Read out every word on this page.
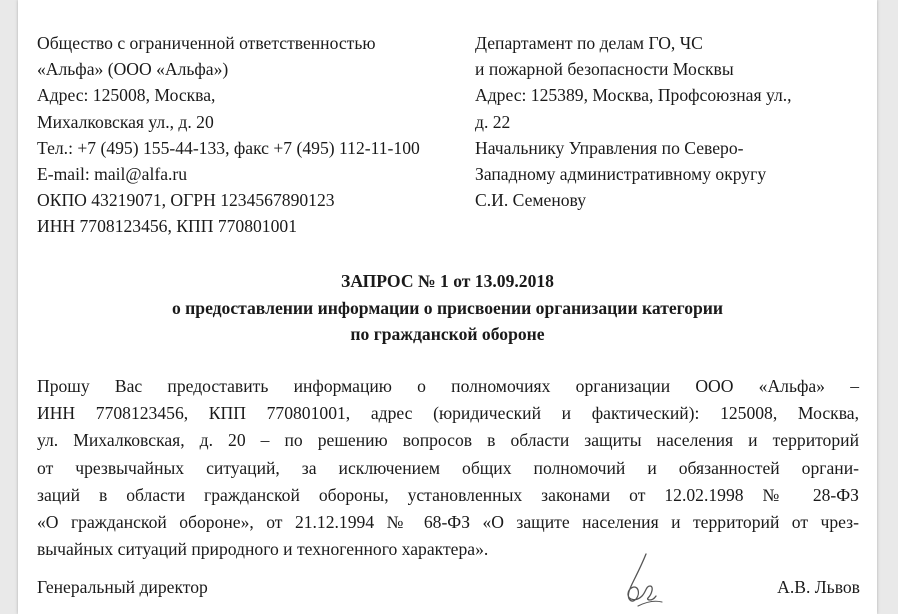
Общество с ограниченной ответственностью
«Альфа» (ООО «Альфа»)
Адрес: 125008, Москва,
Михалковская ул., д. 20
Тел.: +7 (495) 155-44-133, факс +7 (495) 112-11-100
E-mail: mail@alfa.ru
ОКПО 43219071, ОГРН 1234567890123
ИНН 7708123456, КПП 770801001
Департамент по делам ГО, ЧС
и пожарной безопасности Москвы
Адрес: 125389, Москва, Профсоюзная ул.,
д. 22
Начальнику Управления по Северо-
Западному административному округу
С.И. Семенову
ЗАПРОС № 1 от 13.09.2018
о предоставлении информации о присвоении организации категории
по гражданской обороне
Прошу Вас предоставить информацию о полномочиях организации ООО «Альфа» –
ИНН 7708123456, КПП 770801001, адрес (юридический и фактический): 125008, Москва,
ул. Михалковская, д. 20 – по решению вопросов в области защиты населения и территорий
от чрезвычайных ситуаций, за исключением общих полномочий и обязанностей органи-
заций в области гражданской обороны, установленных законами от 12.02.1998 № 28-ФЗ
«О гражданской обороне», от 21.12.1994 № 68-ФЗ «О защите населения и территорий от чрез-
вычайных ситуаций природного и техногенного характера».
Генеральный директор	А.В. Львов
